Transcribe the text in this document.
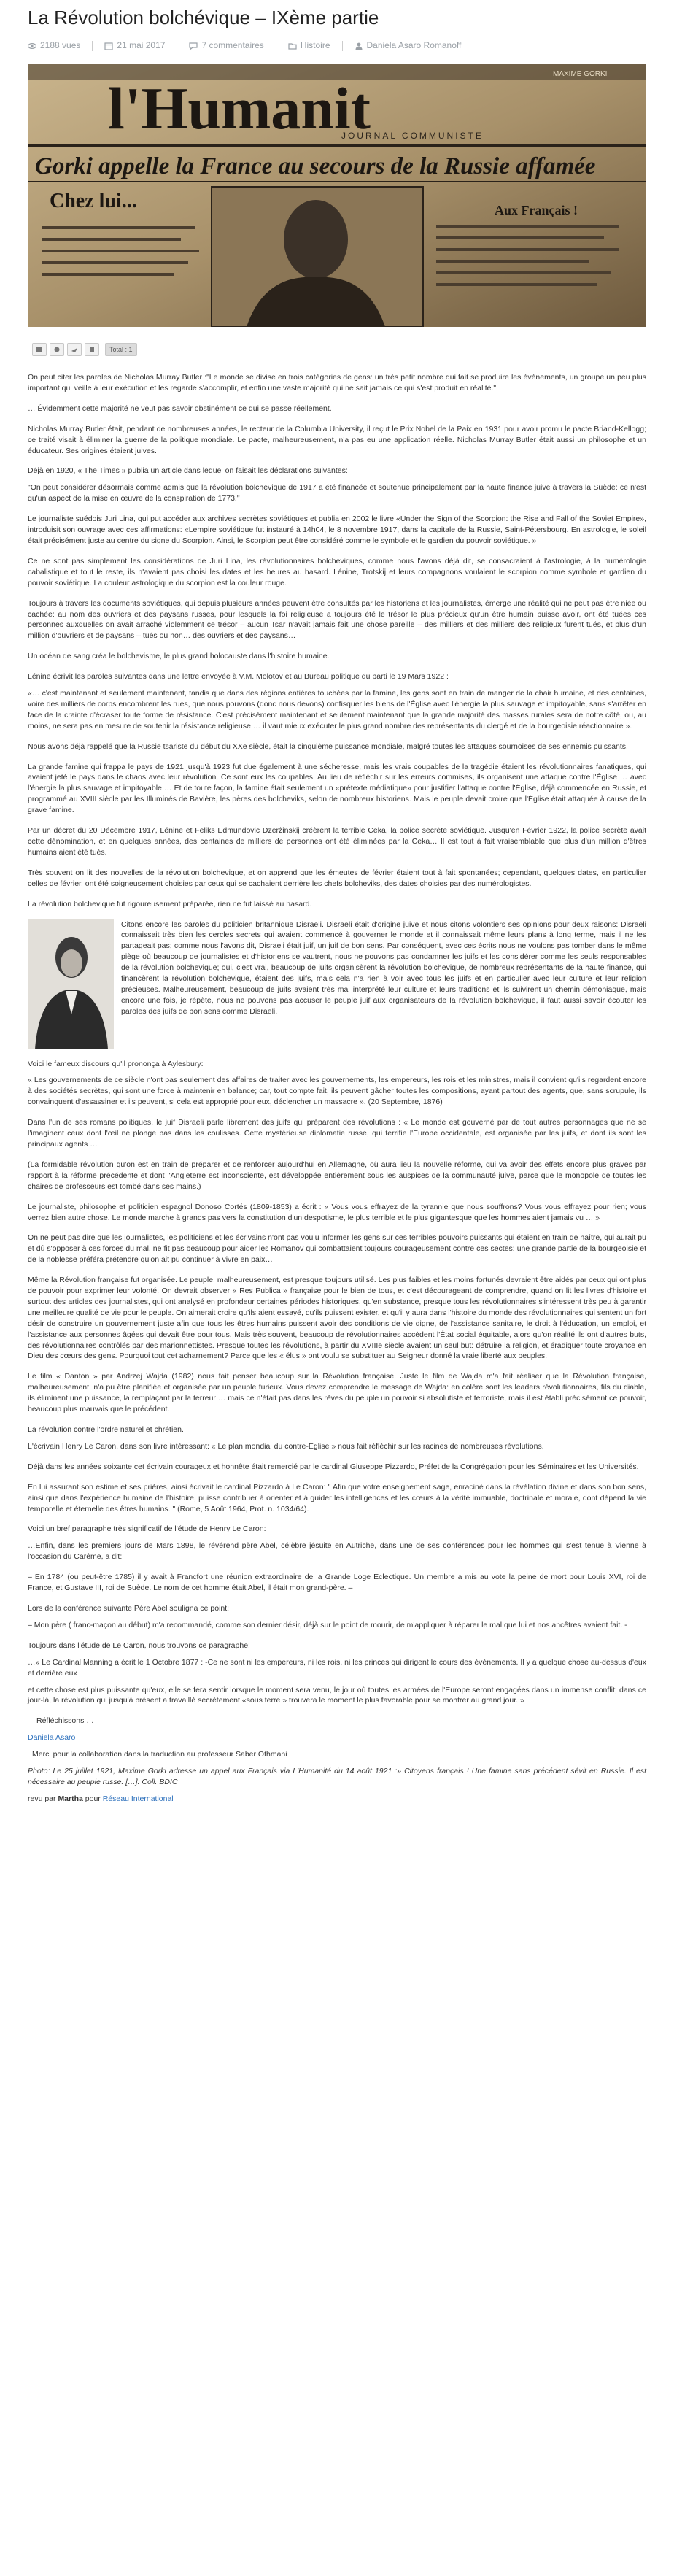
La Révolution bolchévique – IXème partie
2188 vues	21 mai 2017	7 commentaires	Histoire	Daniela Asaro Romanoff
l'Humanit
JOURNAL COMMUNISTE
Gorki appelle la France au secours de la Russie affamée
Chez lui...	Aux Français !
MAXIME GORKI
Total : 1

On peut citer les paroles de Nicholas Murray Butler :"Le monde se divise en trois catégories de gens: un très petit nombre qui fait se produire les événements, un groupe un peu plus important qui veille à leur exécution et les regarde s'accomplir, et enfin une vaste majorité qui ne sait jamais ce qui s'est produit en réalité."

… Évidemment cette majorité ne veut pas savoir obstinément ce qui se passe réellement.

Nicholas Murray Butler était, pendant de nombreuses années, le recteur de la Columbia University, il reçut le Prix Nobel de la Paix en 1931 pour avoir promu le pacte Briand-Kellogg; ce traité visait à éliminer la guerre de la politique mondiale. Le pacte, malheureusement, n'a pas eu une application réelle. Nicholas Murray Butler était aussi un philosophe et un éducateur. Ses origines étaient juives.

Déjà en 1920, « The Times » publia un article dans lequel on faisait les déclarations suivantes:

"On peut considérer désormais comme admis que la révolution bolchevique de 1917 a été financée et soutenue principalement par la haute finance juive à travers la Suède: ce n'est qu'un aspect de la mise en œuvre de la conspiration de 1773."

Le journaliste suédois Juri Lina, qui put accéder aux archives secrètes soviétiques et publia en 2002 le livre «Under the Sign of the Scorpion: the Rise and Fall of the Soviet Empire», introduisit son ouvrage avec ces affirmations: «Lempire soviétique fut instauré à 14h04, le 8 novembre 1917, dans la capitale de la Russie, Saint-Pétersbourg. En astrologie, le soleil était précisément juste au centre du signe du Scorpion. Ainsi, le Scorpion peut être considéré comme le symbole et le gardien du pouvoir soviétique. »

Ce ne sont pas simplement les considérations de Juri Lina, les révolutionnaires bolcheviques, comme nous l'avons déjà dit, se consacraient à l'astrologie, à la numérologie cabalistique et tout le reste, ils n'avaient pas choisi les dates et les heures au hasard. Lénine, Trotskij et leurs compagnons voulaient le scorpion comme symbole et gardien du pouvoir soviétique. La couleur astrologique du scorpion est la couleur rouge.

Toujours à travers les documents soviétiques, qui depuis plusieurs années peuvent être consultés par les historiens et les journalistes, émerge une réalité qui ne peut pas être niée ou cachée: au nom des ouvriers et des paysans russes, pour lesquels la foi religieuse a toujours été le trésor le plus précieux qu'un être humain puisse avoir, ont été tuées ces personnes auxquelles on avait arraché violemment ce trésor – aucun Tsar n'avait jamais fait une chose pareille – des milliers et des milliers des religieux furent tués, et plus d'un million d'ouvriers et de paysans – tués ou non… des ouvriers et des paysans…

Un océan de sang créa le bolchevisme, le plus grand holocauste dans l'histoire humaine.

Lénine écrivit les paroles suivantes dans une lettre envoyée à V.M. Molotov et au Bureau politique du parti le 19 Mars 1922 :

«… c'est maintenant et seulement maintenant, tandis que dans des régions entières touchées par la famine, les gens sont en train de manger de la chair humaine, et des centaines, voire des milliers de corps encombrent les rues, que nous pouvons (donc nous devons) confisquer les biens de l'Église avec l'énergie la plus sauvage et impitoyable, sans s'arrêter en face de la crainte d'écraser toute forme de résistance. C'est précisément maintenant et seulement maintenant que la grande majorité des masses rurales sera de notre côté, ou, au moins, ne sera pas en mesure de soutenir la résistance religieuse … il vaut mieux exécuter le plus grand nombre des représentants du clergé et de la bourgeoisie réactionnaire ».

Nous avons déjà rappelé que la Russie tsariste du début du XXe siècle, était la cinquième puissance mondiale, malgré toutes les attaques sournoises de ses ennemis puissants.

La grande famine qui frappa le pays de 1921 jusqu'à 1923 fut due également à une sécheresse, mais les vrais coupables de la tragédie étaient les révolutionnaires fanatiques, qui avaient jeté le pays dans le chaos avec leur révolution. Ce sont eux les coupables. Au lieu de réfléchir sur les erreurs commises, ils organisent une attaque contre l'Église … avec l'énergie la plus sauvage et impitoyable … Et de toute façon, la famine était seulement un «prétexte médiatique» pour justifier l'attaque contre l'Église, déjà commencée en Russie, et programmé au XVIII siècle par les Illuminés de Bavière, les pères des bolcheviks, selon de nombreux historiens. Mais le peuple devait croire que l'Église était attaquée à cause de la grave famine.

Par un décret du 20 Décembre 1917, Lénine et Feliks Edmundovic Dzerżinskij créèrent la terrible Ceka, la police secrète soviétique. Jusqu'en Février 1922, la police secrète avait cette dénomination, et en quelques années, des centaines de milliers de personnes ont été éliminées par la Ceka… Il est tout à fait vraisemblable que plus d'un million d'êtres humains aient été tués.

Très souvent on lit des nouvelles de la révolution bolchevique, et on apprend que les émeutes de février étaient tout à fait spontanées; cependant, quelques dates, en particulier celles de février, ont été soigneusement choisies par ceux qui se cachaient derrière les chefs bolcheviks, des dates choisies par des numérologistes.

La révolution bolchevique fut rigoureusement préparée, rien ne fut laissé au hasard.

Citons encore les paroles du politicien britannique Disraeli. Disraeli était d'origine juive et nous citons volontiers ses opinions pour deux raisons: Disraeli connaissait très bien les cercles secrets qui avaient commencé à gouverner le monde et il connaissait même leurs plans à long terme, mais il ne les partageait pas; comme nous l'avons dit, Disraeli était juif, un juif de bon sens. Par conséquent, avec ces écrits nous ne voulons pas tomber dans le même piège où beaucoup de journalistes et d'historiens se vautrent, nous ne pouvons pas condamner les juifs et les considérer comme les seuls responsables de la révolution bolchevique; oui, c'est vrai, beaucoup de juifs organisèrent la révolution bolchevique, de nombreux représentants de la haute finance, qui financèrent la révolution bolchevique, étaient des juifs, mais cela n'a rien à voir avec tous les juifs et en particulier avec leur culture et leur religion précieuses. Malheureusement, beaucoup de juifs avaient très mal interprété leur culture et leurs traditions et ils suivirent un chemin démoniaque, mais encore une fois, je répète, nous ne pouvons pas accuser le peuple juif aux organisateurs de la révolution bolchevique, il faut aussi savoir écouter les paroles des juifs de bon sens comme Disraeli.

Voici le fameux discours qu'il prononça à Aylesbury:

« Les gouvernements de ce siècle n'ont pas seulement des affaires de traiter avec les gouvernements, les empereurs, les rois et les ministres, mais il convient qu'ils regardent encore à des sociétés secrètes, qui sont une force à maintenir en balance; car, tout compte fait, ils peuvent gâcher toutes les compositions, ayant partout des agents, que, sans scrupule, ils convainquent d'assassiner et ils peuvent, si cela est approprié pour eux, déclencher un massacre ». (20 Septembre, 1876)

Dans l'un de ses romans politiques, le juif Disraeli parle librement des juifs qui préparent des révolutions : « Le monde est gouverné par de tout autres personnages que ne se l'imaginent ceux dont l'œil ne plonge pas dans les coulisses. Cette mystérieuse diplomatie russe, qui terrifie l'Europe occidentale, est organisée par les juifs, et dont ils sont les principaux agents …

(La formidable révolution qu'on est en train de préparer et de renforcer aujourd'hui en Allemagne, où aura lieu la nouvelle réforme, qui va avoir des effets encore plus graves par rapport à la réforme précédente et dont l'Angleterre est inconsciente, est développée entièrement sous les auspices de la communauté juive, parce que le monopole de toutes les chaires de professeurs est tombé dans ses mains.)

Le journaliste, philosophe et politicien espagnol Donoso Cortés (1809-1853) a écrit : « Vous vous effrayez de la tyrannie que nous souffrons? Vous vous effrayez pour rien; vous verrez bien autre chose. Le monde marche à grands pas vers la constitution d'un despotisme, le plus terrible et le plus gigantesque que les hommes aient jamais vu … »

On ne peut pas dire que les journalistes, les politiciens et les écrivains n'ont pas voulu informer les gens sur ces terribles pouvoirs puissants qui étaient en train de naître, qui aurait pu et dû s'opposer à ces forces du mal, ne fit pas beaucoup pour aider les Romanov qui combattaient toujours courageusement contre ces sectes: une grande partie de la bourgeoisie et de la noblesse préféra prétendre qu'on ait pu continuer à vivre en paix…

Même la Révolution française fut organisée. Le peuple, malheureusement, est presque toujours utilisé. Les plus faibles et les moins fortunés devraient être aidés par ceux qui ont plus de pouvoir pour exprimer leur volonté. On devrait observer « Res Publica » française pour le bien de tous, et c'est décourageant de comprendre, quand on lit les livres d'histoire et surtout des articles des journalistes, qui ont analysé en profondeur certaines périodes historiques, qu'en substance, presque tous les révolutionnaires s'intéressent très peu à garantir une meilleure qualité de vie pour le peuple. On aimerait croire qu'ils aient essayé, qu'ils puissent exister, et qu'il y aura dans l'histoire du monde des révolutionnaires qui sentent un fort désir de construire un gouvernement juste afin que tous les êtres humains puissent avoir des conditions de vie digne, de l'assistance sanitaire, le droit à l'éducation, un emploi, et l'assistance aux personnes âgées qui devait être pour tous. Mais très souvent, beaucoup de révolutionnaires accèdent l'État social équitable, alors qu'on réalité ils ont d'autres buts, des révolutionnaires contrôlés par des marionnettistes. Presque toutes les révolutions, à partir du XVIIIe siècle avaient un seul but: détruire la religion, et éradiquer toute croyance en Dieu des cœurs des gens. Pourquoi tout cet acharnement? Parce que les « élus » ont voulu se substituer au Seigneur donné la vraie liberté aux peuples.

Le film « Danton » par Andrzej Wajda (1982) nous fait penser beaucoup sur la Révolution française. Juste le film de Wajda m'a fait réaliser que la Révolution française, malheureusement, n'a pu être planifiée et organisée par un peuple furieux. Vous devez comprendre le message de Wajda: en colère sont les leaders révolutionnaires, fils du diable, ils éliminent une puissance, la remplaçant par la terreur … mais ce n'était pas dans les rêves du peuple un pouvoir si absolutiste et terroriste, mais il est établi précisément ce pouvoir, beaucoup plus mauvais que le précédent.

La révolution contre l'ordre naturel et chrétien.

L'écrivain Henry Le Caron, dans son livre intéressant: « Le plan mondial du contre-Eglise » nous fait réfléchir sur les racines de nombreuses révolutions.

Déjà dans les années soixante cet écrivain courageux et honnête était remercié par le cardinal Giuseppe Pizzardo, Préfet de la Congrégation pour les Séminaires et les Universités.

En lui assurant son estime et ses prières, ainsi écrivait le cardinal Pizzardo à Le Caron: " Afin que votre enseignement sage, enraciné dans la révélation divine et dans son bon sens, ainsi que dans l'expérience humaine de l'histoire, puisse contribuer à orienter et à guider les intelligences et les cœurs à la vérité immuable, doctrinale et morale, dont dépend la vie temporelle et éternelle des êtres humains. " (Rome, 5 Août 1964, Prot. n. 1034/64).

Voici un bref paragraphe très significatif de l'étude de Henry Le Caron:

…Enfin, dans les premiers jours de Mars 1898, le révérend père Abel, célèbre jésuite en Autriche, dans une de ses conférences pour les hommes qui s'est tenue à Vienne à l'occasion du Carême, a dit:

– En 1784 (ou peut-être 1785) il y avait à Francfort une réunion extraordinaire de la Grande Loge Eclectique. Un membre a mis au vote la peine de mort pour Louis XVI, roi de France, et Gustave III, roi de Suède. Le nom de cet homme était Abel, il était mon grand-père. –

Lors de la conférence suivante Père Abel souligna ce point:

– Mon père ( franc-maçon au début) m'a recommandé, comme son dernier désir, déjà sur le point de mourir, de m'appliquer à réparer le mal que lui et nos ancêtres avaient fait. -

Toujours dans l'étude de Le Caron, nous trouvons ce paragraphe:

…» Le Cardinal Manning a écrit le 1 Octobre 1877 : -Ce ne sont ni les empereurs, ni les rois, ni les princes qui dirigent le cours des événements. Il y a quelque chose au-dessus d'eux et derrière eux

et cette chose est plus puissante qu'eux, elle se fera sentir lorsque le moment sera venu, le jour où toutes les armées de l'Europe seront engagées dans un immense conflit; dans ce jour-là, la révolution qui jusqu'à présent a travaillé secrètement «sous terre » trouvera le moment le plus favorable pour se montrer au grand jour. »

Réfléchissons …

Daniela Asaro

Merci pour la collaboration dans la traduction au professeur Saber Othmani

Photo: Le 25 juillet 1921, Maxime Gorki adresse un appel aux Français via L'Humanité du 14 août 1921 :» Citoyens français ! Une famine sans précédent sévit en Russie. Il est nécessaire au peuple russe. […]. Coll. BDIC

revu par Martha pour Réseau International
